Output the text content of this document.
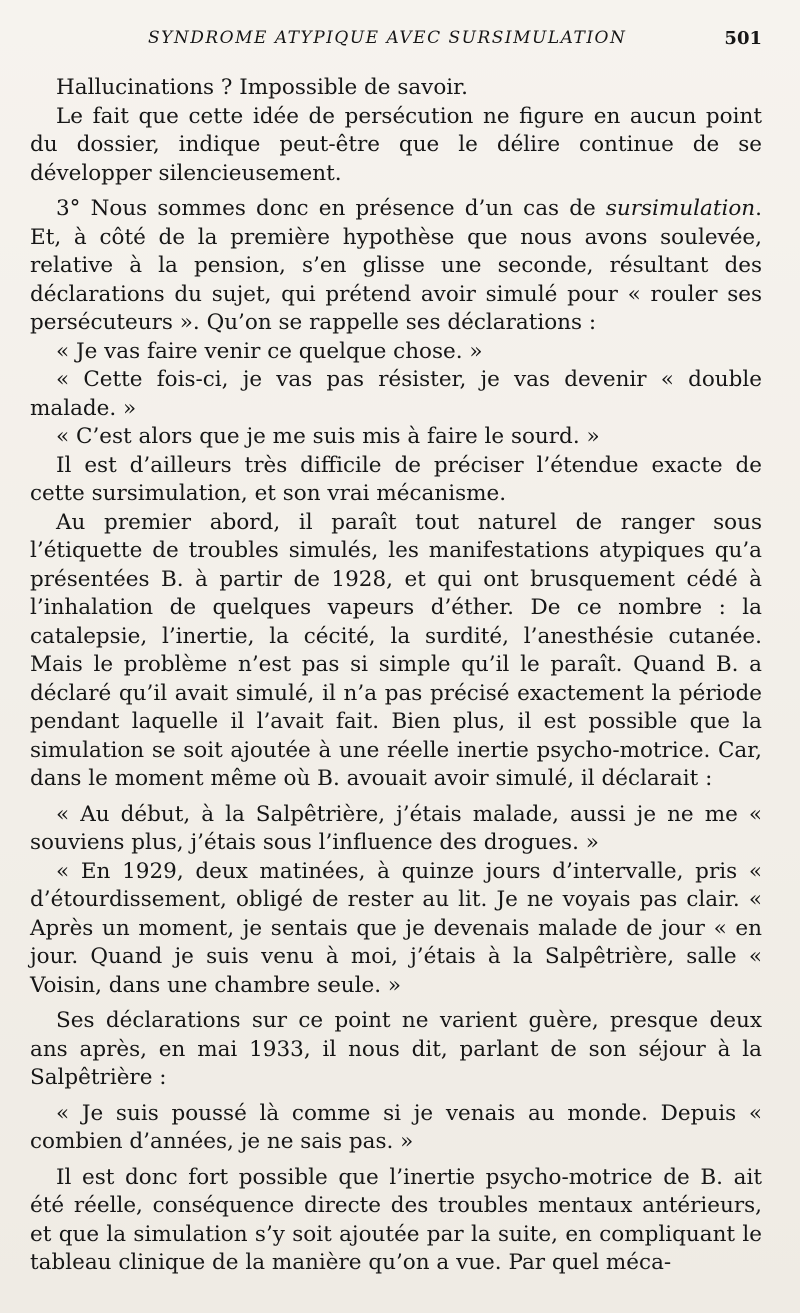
SYNDROME ATYPIQUE AVEC SURSIMULATION	501

Hallucinations ? Impossible de savoir.

Le fait que cette idée de persécution ne figure en aucun point du dossier, indique peut-être que le délire continue de se développer silencieusement.

3° Nous sommes donc en présence d’un cas de sursimulation. Et, à côté de la première hypothèse que nous avons soulevée, relative à la pension, s’en glisse une seconde, résultant des déclarations du sujet, qui prétend avoir simulé pour « rouler ses persécuteurs ». Qu’on se rappelle ses déclarations :

« Je vas faire venir ce quelque chose. »

« Cette fois-ci, je vas pas résister, je vas devenir « double malade. »

« C’est alors que je me suis mis à faire le sourd. »

Il est d’ailleurs très difficile de préciser l’étendue exacte de cette sursimulation, et son vrai mécanisme.

Au premier abord, il paraît tout naturel de ranger sous l’étiquette de troubles simulés, les manifestations atypiques qu’a présentées B. à partir de 1928, et qui ont brusquement cédé à l’inhalation de quelques vapeurs d’éther. De ce nombre : la catalepsie, l’inertie, la cécité, la surdité, l’anesthésie cutanée. Mais le problème n’est pas si simple qu’il le paraît. Quand B. a déclaré qu’il avait simulé, il n’a pas précisé exactement la période pendant laquelle il l’avait fait. Bien plus, il est possible que la simulation se soit ajoutée à une réelle inertie psycho-motrice. Car, dans le moment même où B. avouait avoir simulé, il déclarait :

« Au début, à la Salpêtrière, j’étais malade, aussi je ne me « souviens plus, j’étais sous l’influence des drogues. »

« En 1929, deux matinées, à quinze jours d’intervalle, pris « d’étourdissement, obligé de rester au lit. Je ne voyais pas clair. « Après un moment, je sentais que je devenais malade de jour « en jour. Quand je suis venu à moi, j’étais à la Salpêtrière, salle « Voisin, dans une chambre seule. »

Ses déclarations sur ce point ne varient guère, presque deux ans après, en mai 1933, il nous dit, parlant de son séjour à la Salpêtrière :

« Je suis poussé là comme si je venais au monde. Depuis « combien d’années, je ne sais pas. »

Il est donc fort possible que l’inertie psycho-motrice de B. ait été réelle, conséquence directe des troubles mentaux antérieurs, et que la simulation s’y soit ajoutée par la suite, en compliquant le tableau clinique de la manière qu’on a vue. Par quel méca-
